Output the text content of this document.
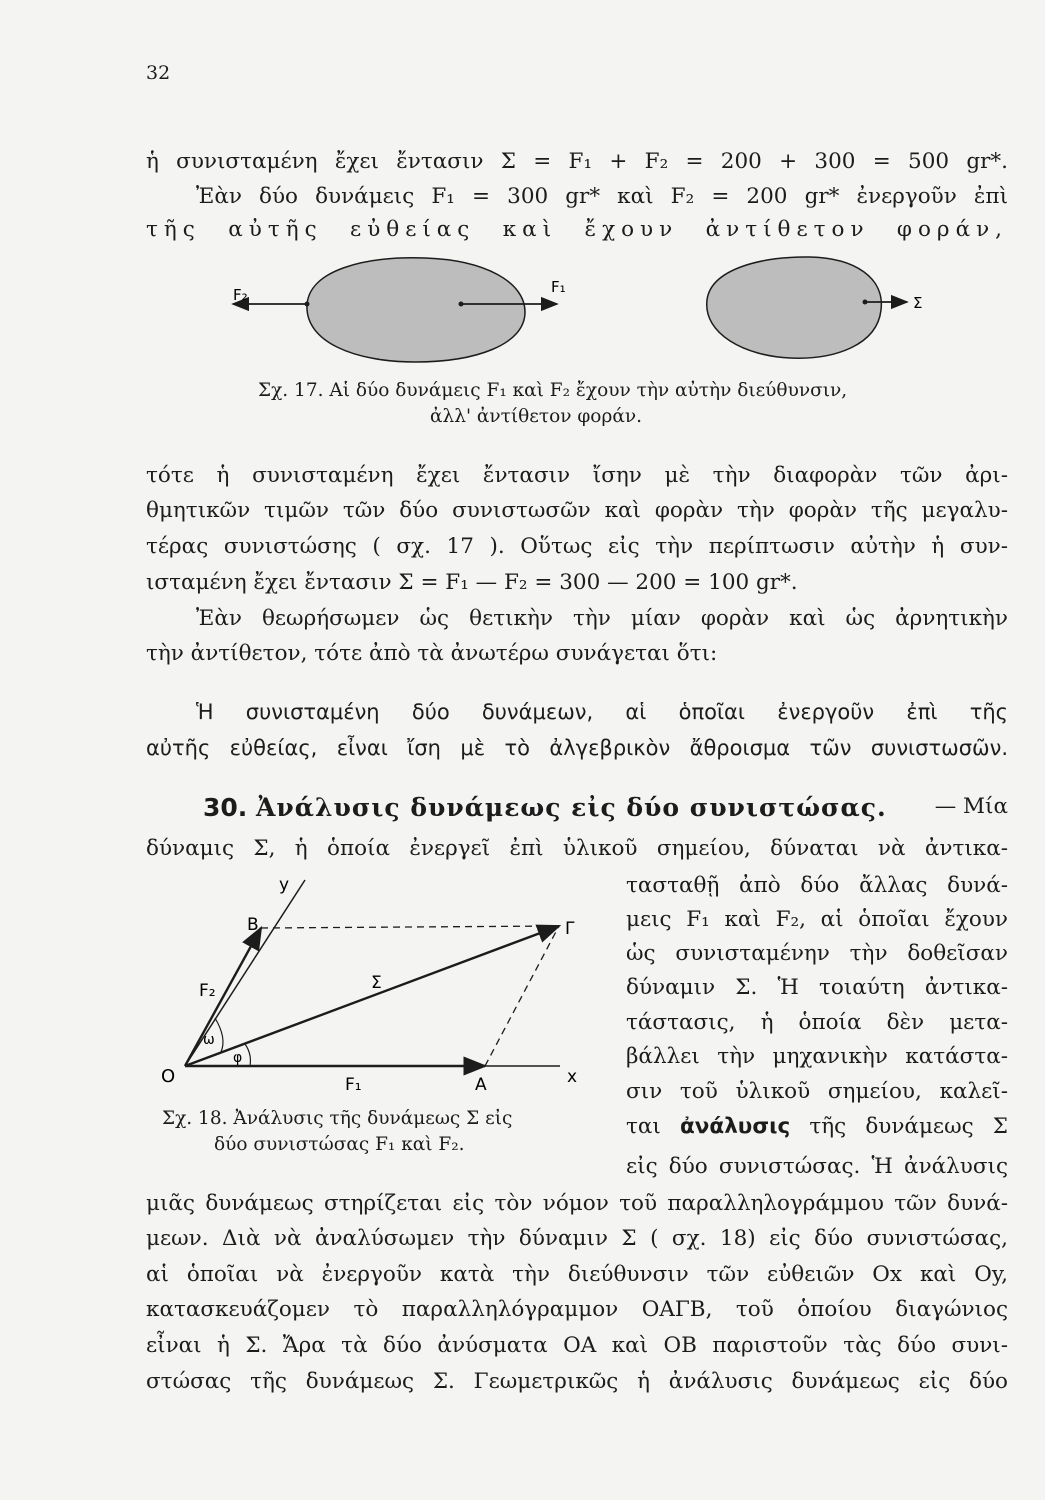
32
ἡ συνισταμένη ἔχει ἔντασιν Σ = F₁ + F₂ = 200 + 300 = 500 gr*.
Ἐὰν δύο δυνάμεις F₁ = 300 gr* καὶ F₂ = 200 gr* ἐνεργοῦν ἐπὶ
τῆς αὐτῆς εὐθείας καὶ ἔχουν ἀντίθετον φοράν,
F₂	F₁
Σ
Σχ. 17. Αἱ δύο δυνάμεις F₁ καὶ F₂ ἔχουν τὴν αὐτὴν διεύθυνσιν,
ἀλλ' ἀντίθετον φοράν.
τότε ἡ συνισταμένη ἔχει ἔντασιν ἴσην μὲ τὴν διαφορὰν τῶν ἀρι-
θμητικῶν τιμῶν τῶν δύο συνιστωσῶν καὶ φορὰν τὴν φορὰν τῆς μεγαλυ-
τέρας συνιστώσης ( σχ. 17 ). Οὕτως εἰς τὴν περίπτωσιν αὐτὴν ἡ συν-
ισταμένη ἔχει ἔντασιν Σ = F₁ — F₂ = 300 — 200 = 100 gr*.
Ἐὰν θεωρήσωμεν ὡς θετικὴν τὴν μίαν φορὰν καὶ ὡς ἀρνητικὴν
τὴν ἀντίθετον, τότε ἀπὸ τὰ ἀνωτέρω συνάγεται ὅτι:
Ἡ συνισταμένη δύο δυνάμεων, αἱ ὁποῖαι ἐνεργοῦν ἐπὶ τῆς
αὐτῆς εὐθείας, εἶναι ἴση μὲ τὸ ἀλγεβρικὸν ἄθροισμα τῶν συνιστωσῶν.
30. Ἀνάλυσις δυνάμεως εἰς δύο συνιστώσας.	— Μία
δύναμις Σ, ἡ ὁποία ἐνεργεῖ ἐπὶ ὑλικοῦ σημείου, δύναται νὰ ἀντικα-
y
B	Γ
F₂	Σ
ω
φ
O	F₁	A	x
Σχ. 18. Ἀνάλυσις τῆς δυνάμεως Σ εἰς
δύο συνιστώσας F₁ καὶ F₂.
τασταθῇ ἀπὸ δύο ἄλλας δυνά-
μεις F₁ καὶ F₂, αἱ ὁποῖαι ἔχουν
ὡς συνισταμένην τὴν δοθεῖσαν
δύναμιν Σ. Ἡ τοιαύτη ἀντικα-
τάστασις, ἡ ὁποία δὲν μετα-
βάλλει τὴν μηχανικὴν κατάστα-
σιν τοῦ ὑλικοῦ σημείου, καλεῖ-
ται ἀνάλυσις τῆς δυνάμεως Σ
εἰς δύο συνιστώσας. Ἡ ἀνάλυσις
μιᾶς δυνάμεως στηρίζεται εἰς τὸν νόμον τοῦ παραλληλογράμμου τῶν δυνά-
μεων. Διὰ νὰ ἀναλύσωμεν τὴν δύναμιν Σ ( σχ. 18) εἰς δύο συνιστώσας,
αἱ ὁποῖαι νὰ ἐνεργοῦν κατὰ τὴν διεύθυνσιν τῶν εὐθειῶν Ox καὶ Oy,
κατασκευάζομεν τὸ παραλληλόγραμμον ΟΑΓΒ, τοῦ ὁποίου διαγώνιος
εἶναι ἡ Σ. Ἄρα τὰ δύο ἀνύσματα ΟΑ καὶ ΟΒ παριστοῦν τὰς δύο συνι-
στώσας τῆς δυνάμεως Σ. Γεωμετρικῶς ἡ ἀνάλυσις δυνάμεως εἰς δύο
